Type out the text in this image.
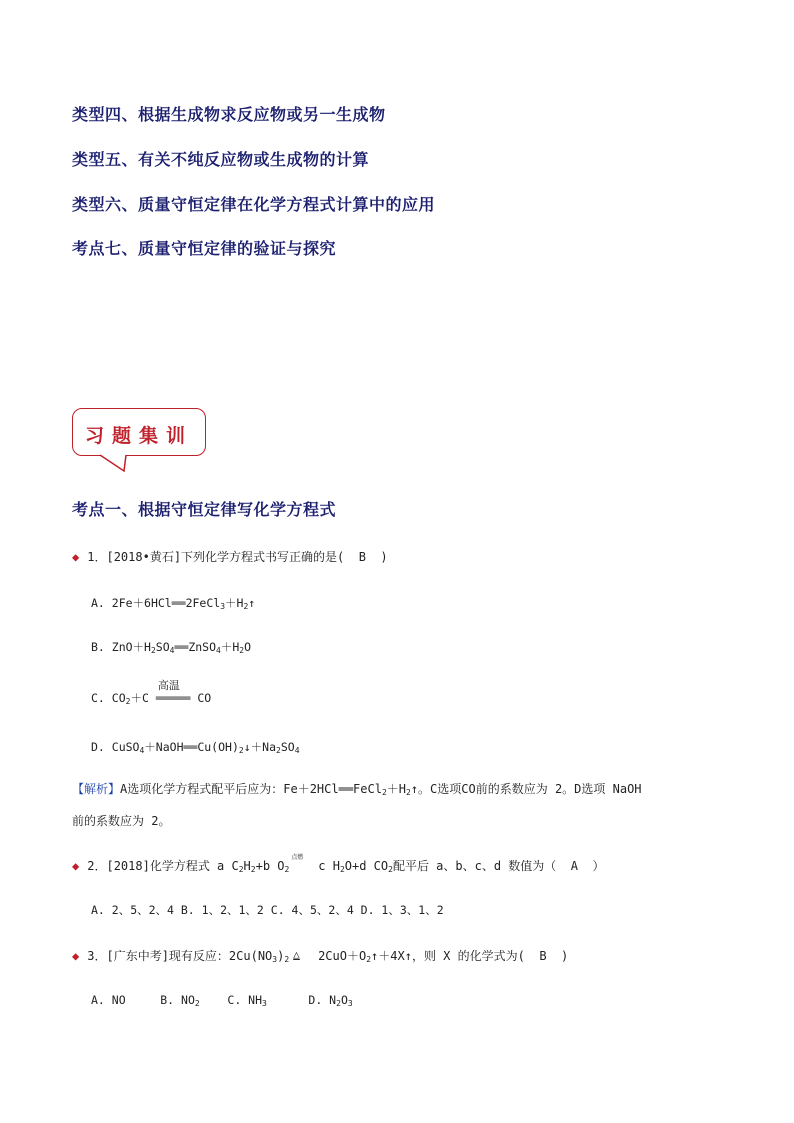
类型四、根据生成物求反应物或另一生成物
类型五、有关不纯反应物或生成物的计算
类型六、质量守恒定律在化学方程式计算中的应用
考点七、质量守恒定律的验证与探究
习题集训
考点一、根据守恒定律写化学方程式
◆ 1．[2018•黄石]下列化学方程式书写正确的是( B )
A. $2Fe+6HCl══2FeCl_3+H_2↑$
B. $ZnO+H_2SO_4══ZnSO_4+H_2O$
C. $CO_2+C$
高温
═════ CO
D. $CuSO_4+NaOH══Cu(OH)_2↓+Na_2SO_4$
【解析】A选项化学方程式配平后应为：$Fe+2HCl══FeCl_2+H_2↑$。C选项CO前的系数应为 2。D选项 NaOH
前的系数应为 2。
◆ 2．[2018]化学方程式 a $C_2H_2+b$ $O_2$
点燃
c $H_2O+d$ $CO_2$配平后 a、b、c、d 数值为（ A ）
A. 2、5、2、4 B. 1、2、1、2 C. 4、5、2、4 D. 1、3、1、2
◆ 3．[广东中考]现有反应：$2Cu(NO_3)_2$ △ $2CuO+O_2↑+4X↑$，则 X 的化学式为( B )
A. NO	B. $NO_2$ C. $NH_3$	D. $N_2O_3$
